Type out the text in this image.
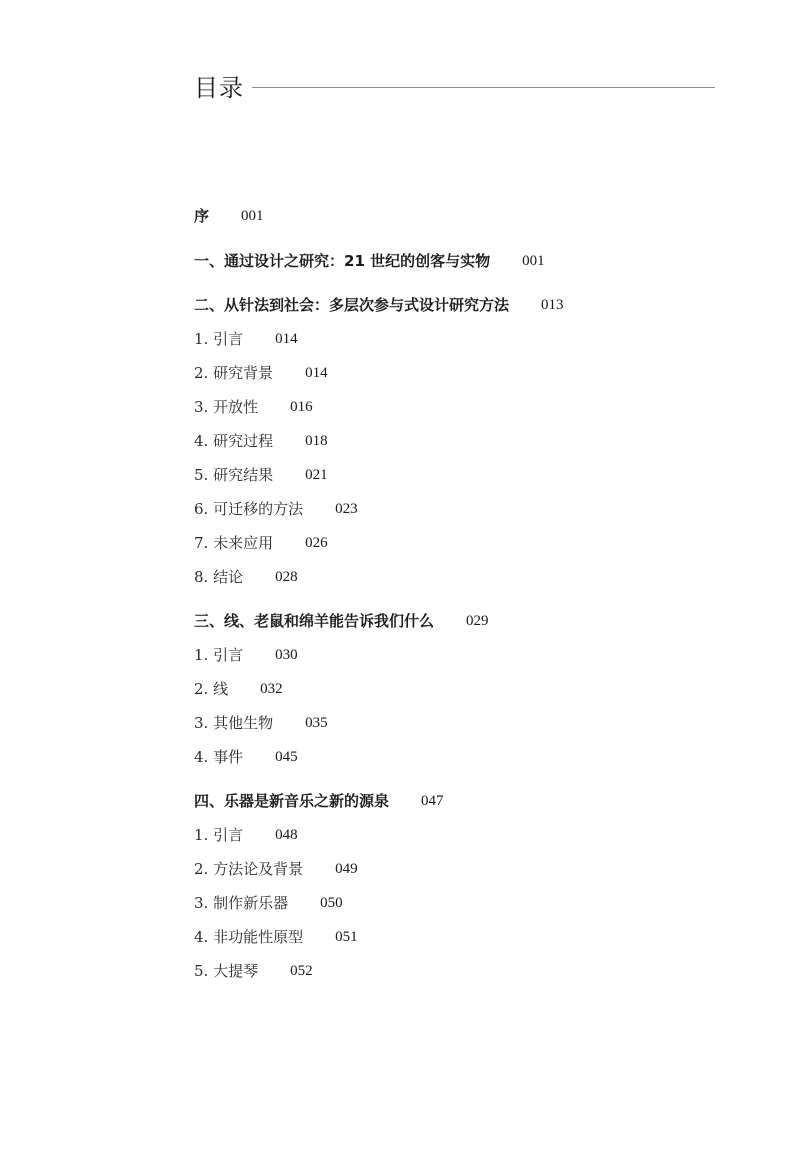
目录
序 001
一、通过设计之研究：21 世纪的创客与实物 001
二、从针法到社会：多层次参与式设计研究方法 013
1. 引言 014
2. 研究背景 014
3. 开放性 016
4. 研究过程 018
5. 研究结果 021
6. 可迁移的方法 023
7. 未来应用 026
8. 结论 028
三、线、老鼠和绵羊能告诉我们什么 029
1. 引言 030
2. 线 032
3. 其他生物 035
4. 事件 045
四、乐器是新音乐之新的源泉 047
1. 引言 048
2. 方法论及背景 049
3. 制作新乐器 050
4. 非功能性原型 051
5. 大提琴 052
